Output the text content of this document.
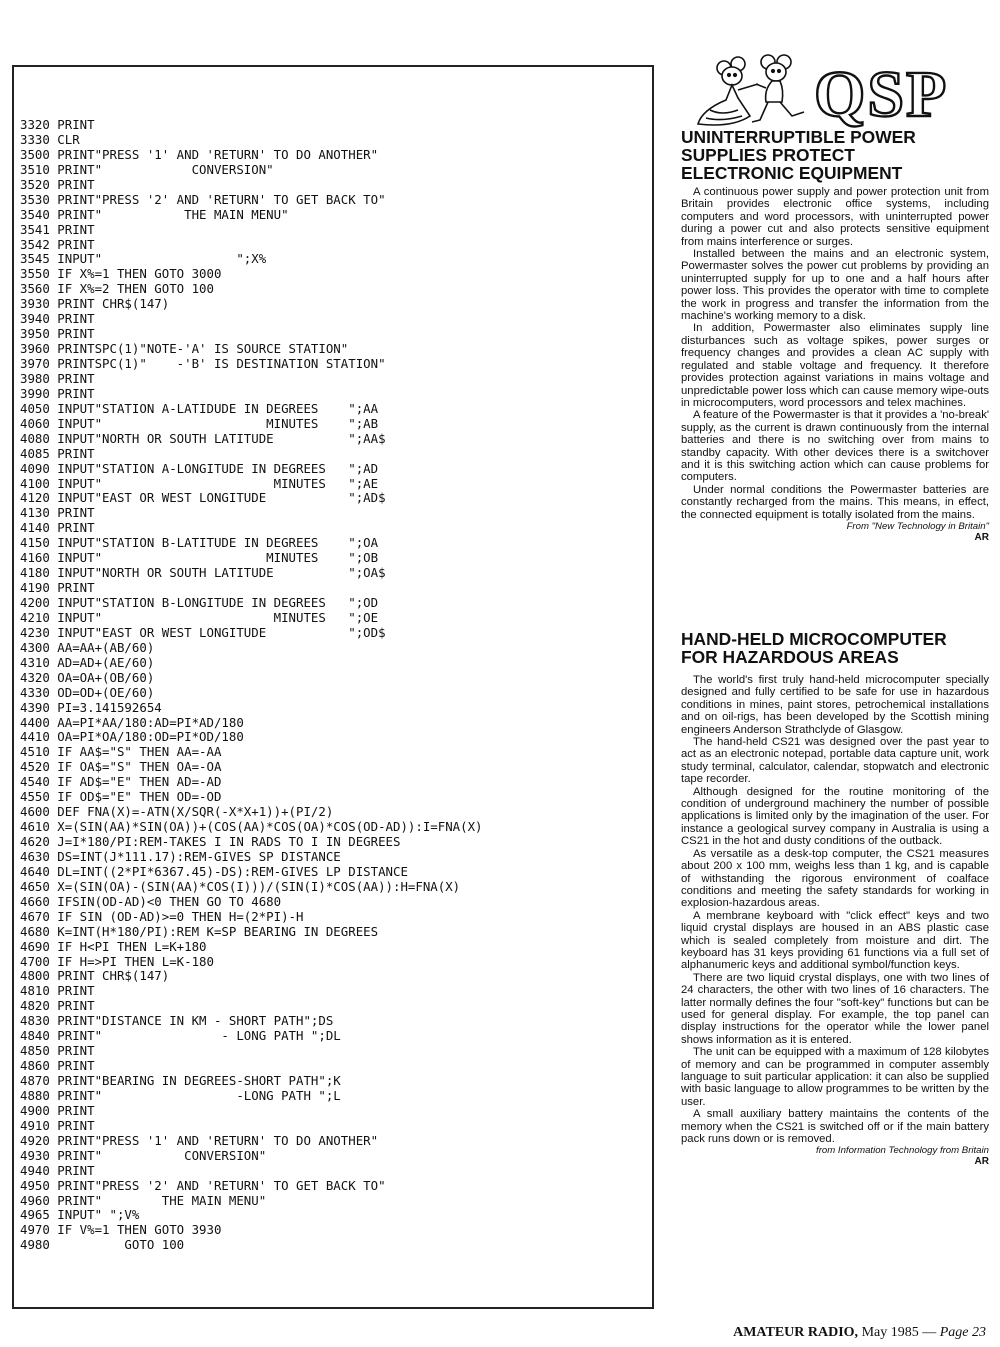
3320 PRINT
3330 CLR
3500 PRINT"PRESS '1' AND 'RETURN' TO DO ANOTHER"
3510 PRINT"            CONVERSION"
3520 PRINT
3530 PRINT"PRESS '2' AND 'RETURN' TO GET BACK TO"
3540 PRINT"           THE MAIN MENU"
3541 PRINT
3542 PRINT
3545 INPUT"                  ";X%
3550 IF X%=1 THEN GOTO 3000
3560 IF X%=2 THEN GOTO 100
3930 PRINT CHR$(147)
3940 PRINT
3950 PRINT
3960 PRINTSPC(1)"NOTE-'A' IS SOURCE STATION"
3970 PRINTSPC(1)"    -'B' IS DESTINATION STATION"
3980 PRINT
3990 PRINT
4050 INPUT"STATION A-LATIDUDE IN DEGREES    ";AA
4060 INPUT"                      MINUTES    ";AB
4080 INPUT"NORTH OR SOUTH LATITUDE          ";AA$
4085 PRINT
4090 INPUT"STATION A-LONGITUDE IN DEGREES   ";AD
4100 INPUT"                       MINUTES   ";AE
4120 INPUT"EAST OR WEST LONGITUDE           ";AD$
4130 PRINT
4140 PRINT
4150 INPUT"STATION B-LATITUDE IN DEGREES    ";OA
4160 INPUT"                      MINUTES    ";OB
4180 INPUT"NORTH OR SOUTH LATITUDE          ";OA$
4190 PRINT
4200 INPUT"STATION B-LONGITUDE IN DEGREES   ";OD
4210 INPUT"                       MINUTES   ";OE
4230 INPUT"EAST OR WEST LONGITUDE           ";OD$
4300 AA=AA+(AB/60)
4310 AD=AD+(AE/60)
4320 OA=OA+(OB/60)
4330 OD=OD+(OE/60)
4390 PI=3.141592654
4400 AA=PI*AA/180:AD=PI*AD/180
4410 OA=PI*OA/180:OD=PI*OD/180
4510 IF AA$="S" THEN AA=-AA
4520 IF OA$="S" THEN OA=-OA
4540 IF AD$="E" THEN AD=-AD
4550 IF OD$="E" THEN OD=-OD
4600 DEF FNA(X)=-ATN(X/SQR(-X*X+1))+(PI/2)
4610 X=(SIN(AA)*SIN(OA))+(COS(AA)*COS(OA)*COS(OD-AD)):I=FNA(X)
4620 J=I*180/PI:REM-TAKES I IN RADS TO I IN DEGREES
4630 DS=INT(J*111.17):REM-GIVES SP DISTANCE
4640 DL=INT((2*PI*6367.45)-DS):REM-GIVES LP DISTANCE
4650 X=(SIN(OA)-(SIN(AA)*COS(I)))/(SIN(I)*COS(AA)):H=FNA(X)
4660 IFSIN(OD-AD)<0 THEN GO TO 4680
4670 IF SIN (OD-AD)>=0 THEN H=(2*PI)-H
4680 K=INT(H*180/PI):REM K=SP BEARING IN DEGREES
4690 IF H<PI THEN L=K+180
4700 IF H=>PI THEN L=K-180
4800 PRINT CHR$(147)
4810 PRINT
4820 PRINT
4830 PRINT"DISTANCE IN KM - SHORT PATH";DS
4840 PRINT"                - LONG PATH ";DL
4850 PRINT
4860 PRINT
4870 PRINT"BEARING IN DEGREES-SHORT PATH";K
4880 PRINT"                  -LONG PATH ";L
4900 PRINT
4910 PRINT
4920 PRINT"PRESS '1' AND 'RETURN' TO DO ANOTHER"
4930 PRINT"           CONVERSION"
4940 PRINT
4950 PRINT"PRESS '2' AND 'RETURN' TO GET BACK TO"
4960 PRINT"        THE MAIN MENU"
4965 INPUT" ";V%
4970 IF V%=1 THEN GOTO 3930
4980          GOTO 100
QSP
UNINTERRUPTIBLE POWER
SUPPLIES PROTECT
ELECTRONIC EQUIPMENT

A continuous power supply and power protection unit from Britain provides electronic office systems, including computers and word processors, with uninterrupted power during a power cut and also protects sensitive equipment from mains interference or surges.

Installed between the mains and an electronic system, Powermaster solves the power cut problems by providing an uninterrupted supply for up to one and a half hours after power loss. This provides the operator with time to complete the work in progress and transfer the information from the machine's working memory to a disk.

In addition, Powermaster also eliminates supply line disturbances such as voltage spikes, power surges or frequency changes and provides a clean AC supply with regulated and stable voltage and frequency. It therefore provides protection against variations in mains voltage and unpredictable power loss which can cause memory wipe-outs in microcomputers, word processors and telex machines.

A feature of the Powermaster is that it provides a 'no-break' supply, as the current is drawn continuously from the internal batteries and there is no switching over from mains to standby capacity. With other devices there is a switchover and it is this switching action which can cause problems for computers.

Under normal conditions the Powermaster batteries are constantly recharged from the mains. This means, in effect, the connected equipment is totally isolated from the mains.

From "New Technology in Britain"

AR

HAND-HELD MICROCOMPUTER
FOR HAZARDOUS AREAS

The world's first truly hand-held microcomputer specially designed and fully certified to be safe for use in hazardous conditions in mines, paint stores, petrochemical installations and on oil-rigs, has been developed by the Scottish mining engineers Anderson Strathclyde of Glasgow.

The hand-held CS21 was designed over the past year to act as an electronic notepad, portable data capture unit, work study terminal, calculator, calendar, stopwatch and electronic tape recorder.

Although designed for the routine monitoring of the condition of underground machinery the number of possible applications is limited only by the imagination of the user. For instance a geological survey company in Australia is using a CS21 in the hot and dusty conditions of the outback.

As versatile as a desk-top computer, the CS21 measures about 200 x 100 mm, weighs less than 1 kg, and is capable of withstanding the rigorous environment of coalface conditions and meeting the safety standards for working in explosion-hazardous areas.

A membrane keyboard with "click effect" keys and two liquid crystal displays are housed in an ABS plastic case which is sealed completely from moisture and dirt. The keyboard has 31 keys providing 61 functions via a full set of alphanumeric keys and additional symbol/function keys.

There are two liquid crystal displays, one with two lines of 24 characters, the other with two lines of 16 characters. The latter normally defines the four "soft-key" functions but can be used for general display. For example, the top panel can display instructions for the operator while the lower panel shows information as it is entered.

The unit can be equipped with a maximum of 128 kilobytes of memory and can be programmed in computer assembly language to suit particular application: it can also be supplied with basic language to allow programmes to be written by the user.

A small auxiliary battery maintains the contents of the memory when the CS21 is switched off or if the main battery pack runs down or is removed.

from Information Technology from Britain

AR

AMATEUR RADIO, May 1985 — Page 23
